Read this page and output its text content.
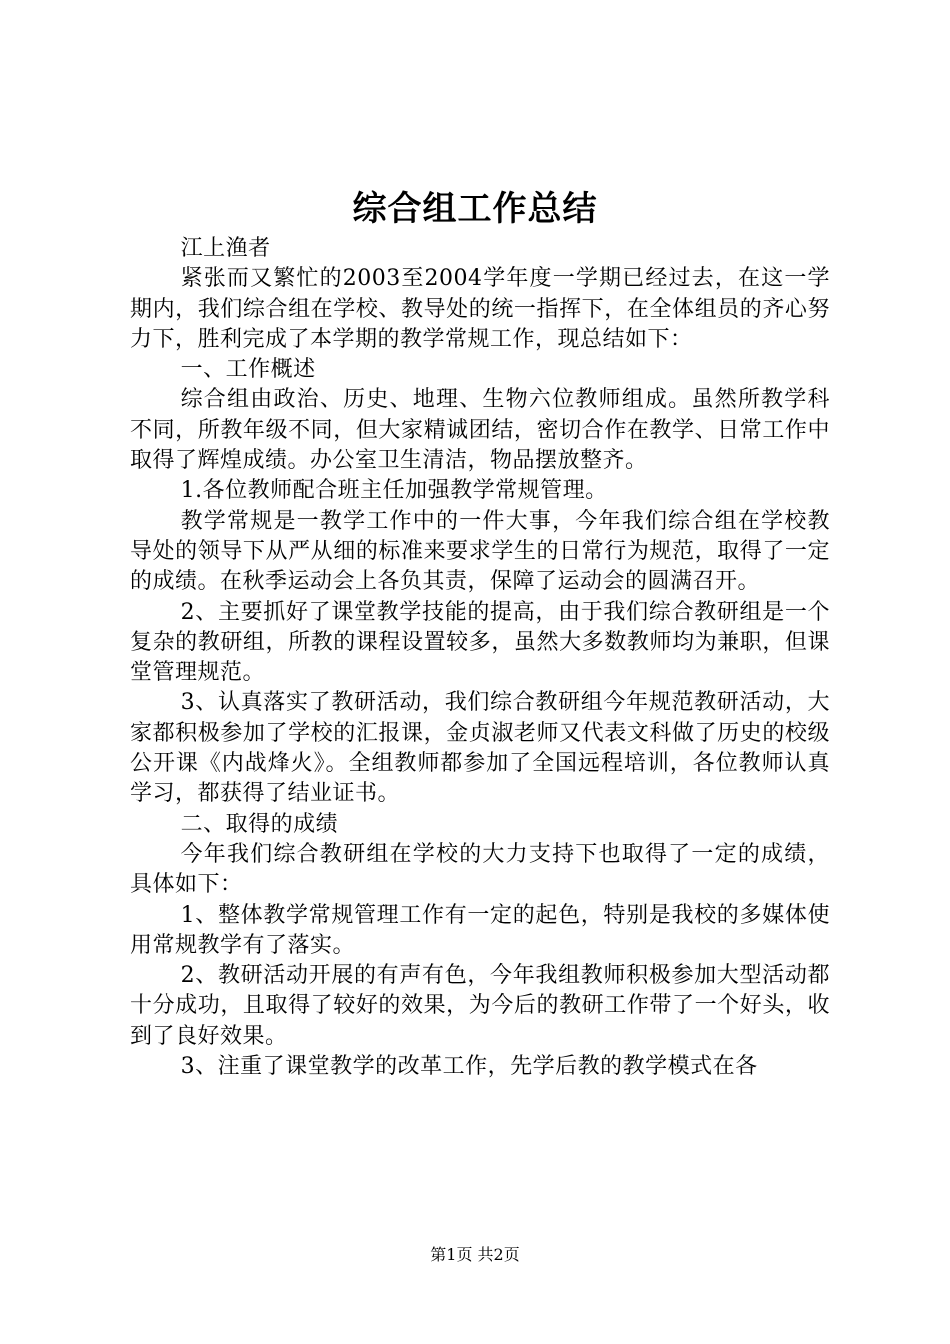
综合组工作总结

江上渔者

紧张而又繁忙的2003至2004学年度一学期已经过去，在这一学期内，我们综合组在学校、教导处的统一指挥下，在全体组员的齐心努力下，胜利完成了本学期的教学常规工作，现总结如下：

一、工作概述

综合组由政治、历史、地理、生物六位教师组成。虽然所教学科不同，所教年级不同，但大家精诚团结，密切合作在教学、日常工作中取得了辉煌成绩。办公室卫生清洁，物品摆放整齐。

1.各位教师配合班主任加强教学常规管理。

教学常规是一教学工作中的一件大事，今年我们综合组在学校教导处的领导下从严从细的标准来要求学生的日常行为规范，取得了一定的成绩。在秋季运动会上各负其责，保障了运动会的圆满召开。

2、主要抓好了课堂教学技能的提高，由于我们综合教研组是一个复杂的教研组，所教的课程设置较多，虽然大多数教师均为兼职，但课堂管理规范。

3、认真落实了教研活动，我们综合教研组今年规范教研活动，大家都积极参加了学校的汇报课，金贞淑老师又代表文科做了历史的校级公开课《内战烽火》。全组教师都参加了全国远程培训，各位教师认真学习，都获得了结业证书。

二、取得的成绩

今年我们综合教研组在学校的大力支持下也取得了一定的成绩，具体如下：

1、整体教学常规管理工作有一定的起色，特别是我校的多媒体使用常规教学有了落实。

2、教研活动开展的有声有色，今年我组教师积极参加大型活动都十分成功，且取得了较好的效果，为今后的教研工作带了一个好头，收到了良好效果。

3、注重了课堂教学的改革工作，先学后教的教学模式在各

第1页 共2页
